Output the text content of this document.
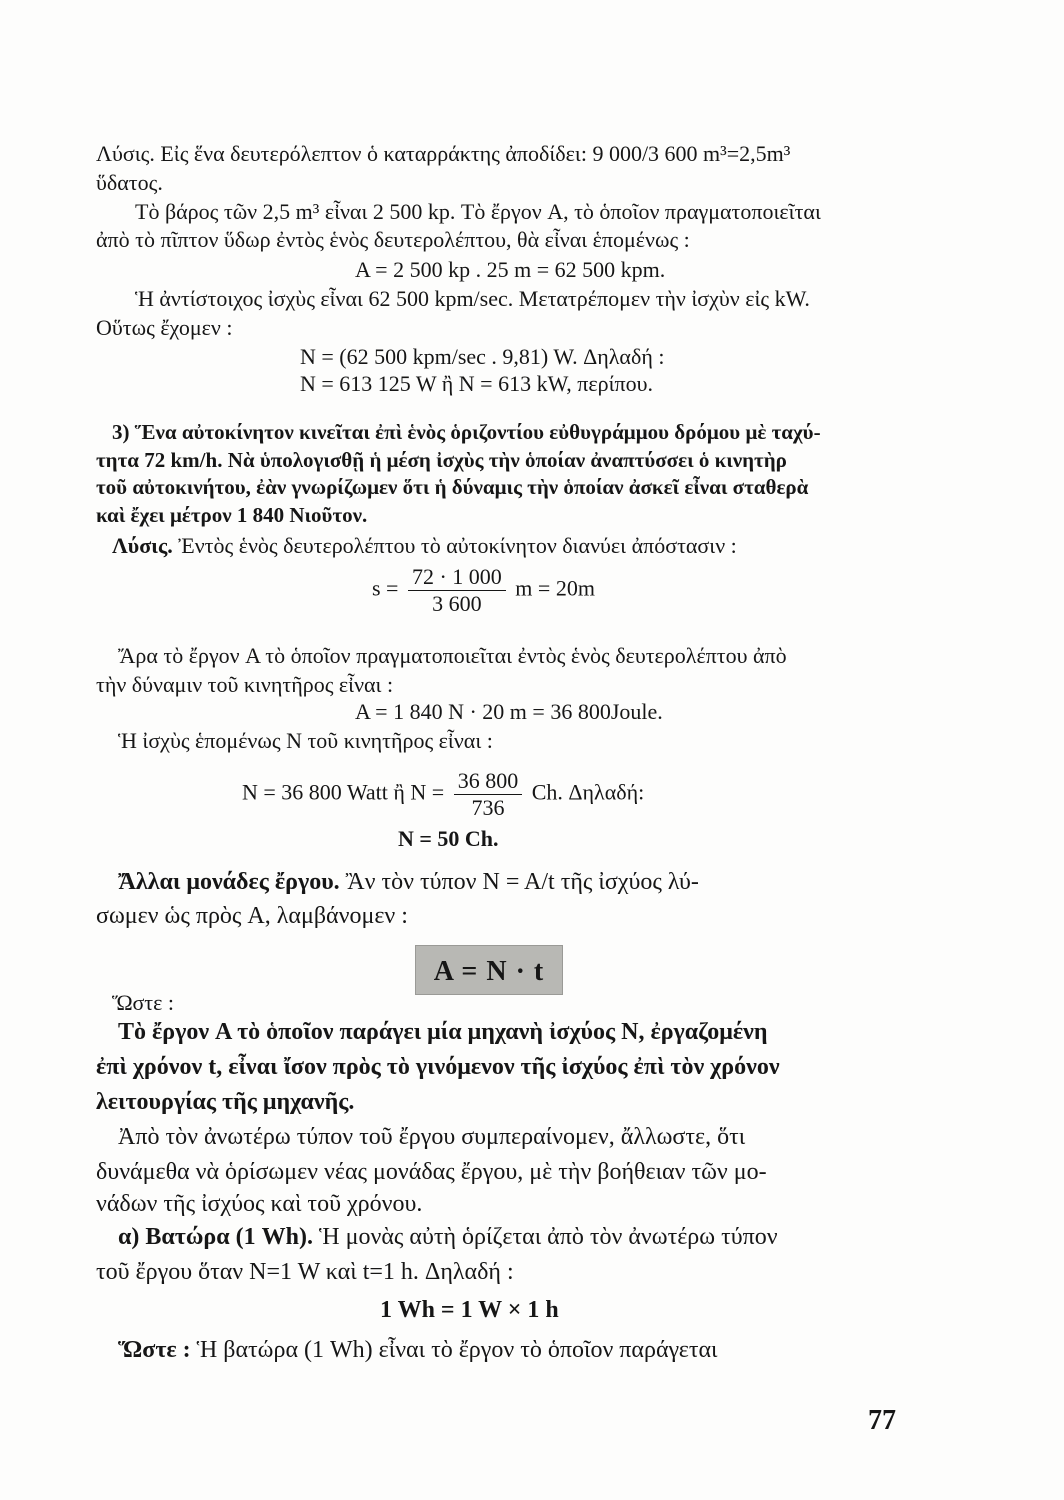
Λύσις. Εἰς ἕνα δευτερόλεπτον ὁ καταρράκτης ἀποδίδει: 9 000/3 600 m³=2,5m³
ὕδατος.
Τὸ βάρος τῶν 2,5 m³ εἶναι 2 500 kp. Τὸ ἔργον A, τὸ ὁποῖον πραγματοποιεῖται
ἀπὸ τὸ πῖπτον ὕδωρ ἐντὸς ἑνὸς δευτερολέπτου, θὰ εἶναι ἑπομένως :
A = 2 500 kp . 25 m = 62 500 kpm.
Ἡ ἀντίστοιχος ἰσχὺς εἶναι 62 500 kpm/sec. Μετατρέπομεν τὴν ἰσχὺν εἰς kW.
Οὕτως ἔχομεν :
N = (62 500 kpm/sec . 9,81) W. Δηλαδή :
N = 613 125 W ἢ N = 613 kW, περίπου.
3) Ἕνα αὐτοκίνητον κινεῖται ἐπὶ ἑνὸς ὁριζοντίου εὐθυγράμμου δρόμου μὲ ταχύ-
τητα 72 km/h. Νὰ ὑπολογισθῇ ἡ μέση ἰσχὺς τὴν ὁποίαν ἀναπτύσσει ὁ κινητὴρ
τοῦ αὐτοκινήτου, ἐὰν γνωρίζωμεν ὅτι ἡ δύναμις τὴν ὁποίαν ἀσκεῖ εἶναι σταθερὰ
καὶ ἔχει μέτρον 1 840 Νιοῦτον.
Λύσις. Ἐντὸς ἑνὸς δευτερολέπτου τὸ αὐτοκίνητον διανύει ἀπόστασιν :
$s = \frac{72 \cdot 1 000}{3 600}$ m = 20m
Ἄρα τὸ ἔργον A τὸ ὁποῖον πραγματοποιεῖται ἐντὸς ἑνὸς δευτερολέπτου ἀπὸ
τὴν δύναμιν τοῦ κινητῆρος εἶναι :
A = 1 840 N · 20 m = 36 800Joule.
Ἡ ἰσχὺς ἑπομένως N τοῦ κινητῆρος εἶναι :
N = 36 800 Watt ἢ $N = \frac{36 800}{736} Ch$. Δηλαδή:
N = 50 Ch.
Ἄλλαι μονάδες ἔργου. Ἂν τὸν τύπον N = A/t τῆς ἰσχύος λύ-
σωμεν ὡς πρὸς A, λαμβάνομεν :
A = N · t
Ὥστε :
Τὸ ἔργον A τὸ ὁποῖον παράγει μία μηχανὴ ἰσχύος N, ἐργαζομένη
ἐπὶ χρόνον t, εἶναι ἴσον πρὸς τὸ γινόμενον τῆς ἰσχύος ἐπὶ τὸν χρόνον
λειτουργίας τῆς μηχανῆς.
Ἀπὸ τὸν ἀνωτέρω τύπον τοῦ ἔργου συμπεραίνομεν, ἄλλωστε, ὅτι
δυνάμεθα νὰ ὁρίσωμεν νέας μονάδας ἔργου, μὲ τὴν βοήθειαν τῶν μο-
νάδων τῆς ἰσχύος καὶ τοῦ χρόνου.
α) Βατώρα (1 Wh). Ἡ μονὰς αὐτὴ ὁρίζεται ἀπὸ τὸν ἀνωτέρω τύπον
τοῦ ἔργου ὅταν N=1 W καὶ t=1 h. Δηλαδή :
1 Wh = 1 W × 1 h
Ὥστε : Ἡ βατώρα (1 Wh) εἶναι τὸ ἔργον τὸ ὁποῖον παράγεται
77
